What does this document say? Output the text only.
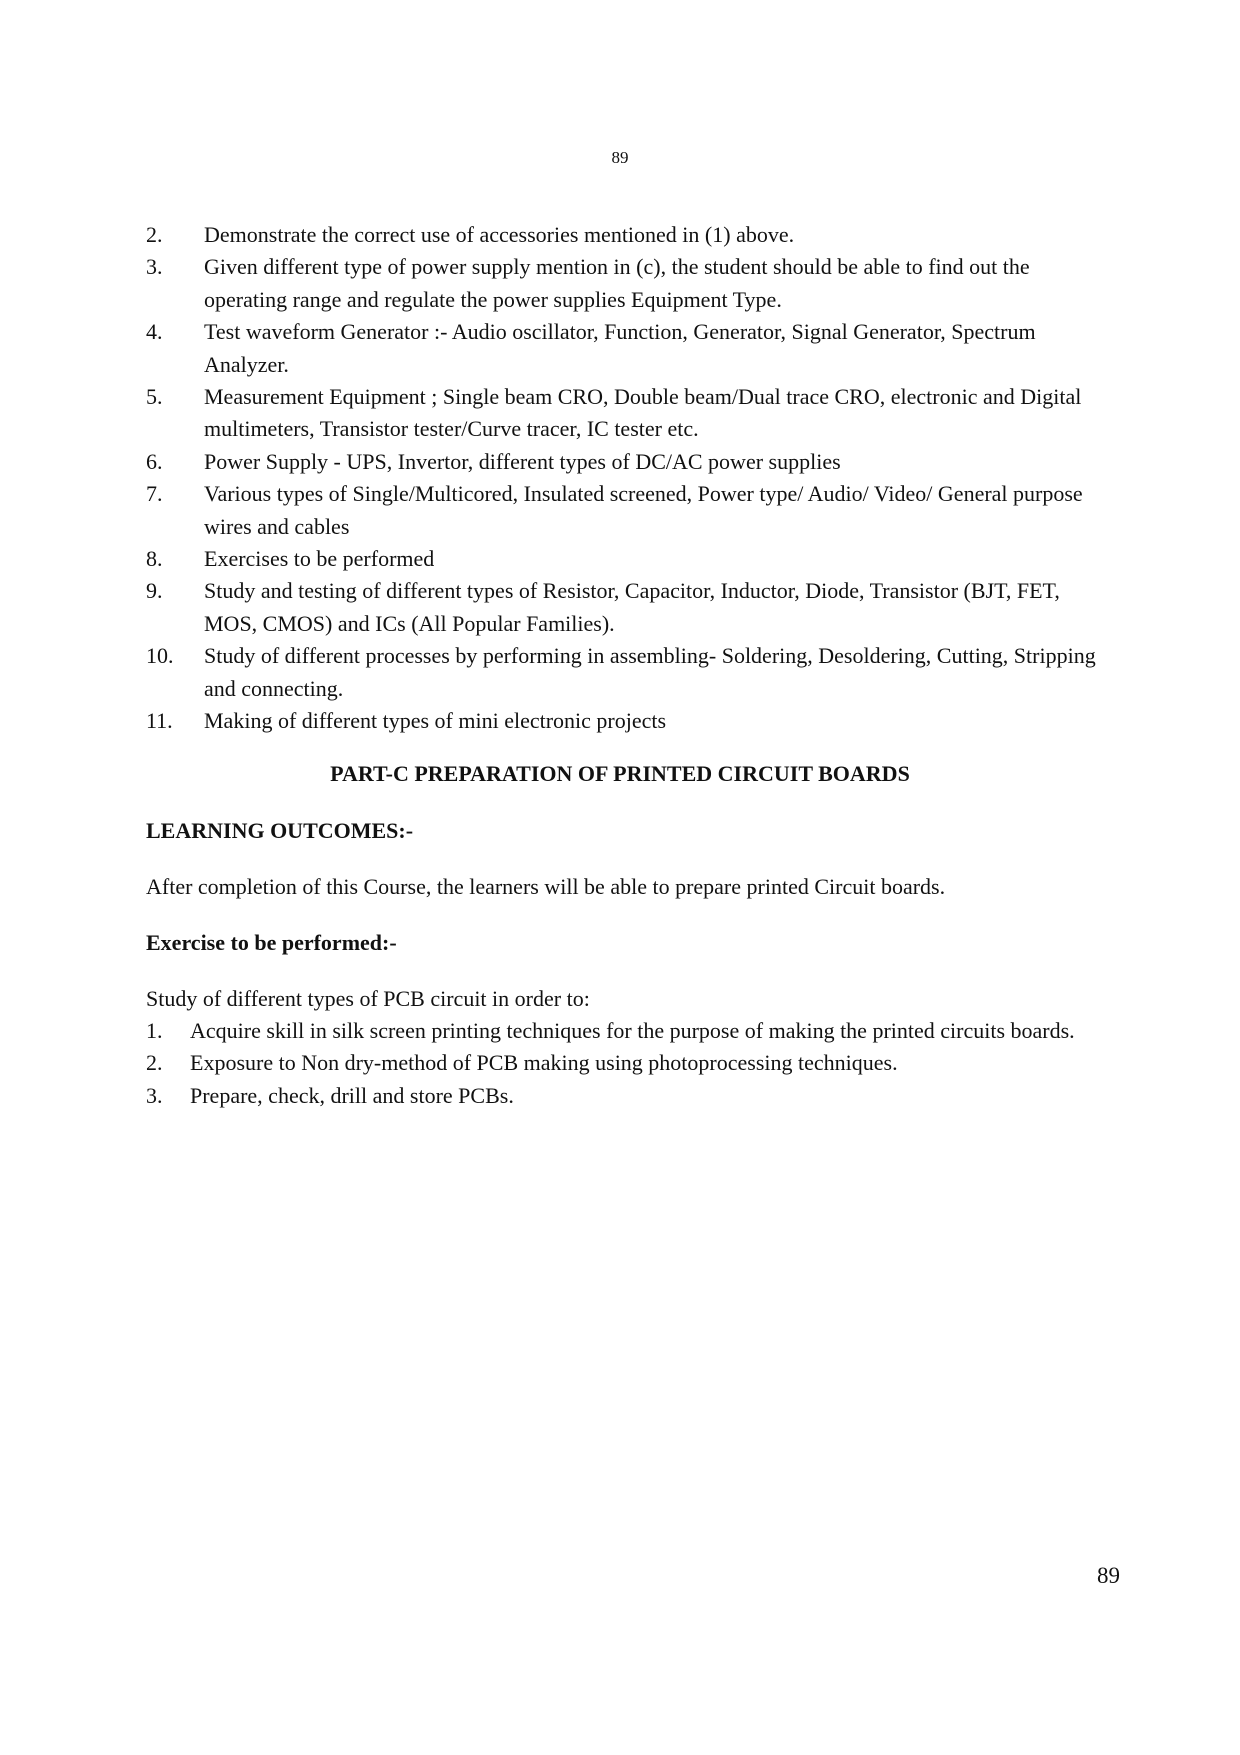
89
2.	Demonstrate the correct use of accessories mentioned in (1) above.
3.	Given different type of power supply mention in (c), the student should be able to find out the operating range and regulate the power supplies Equipment Type.
4.	Test waveform Generator :- Audio oscillator, Function, Generator, Signal Generator, Spectrum Analyzer.
5.	Measurement Equipment ; Single beam CRO, Double beam/Dual trace CRO, electronic and Digital multimeters, Transistor tester/Curve tracer, IC tester etc.
6.	Power Supply - UPS, Invertor, different types of DC/AC power supplies
7.	Various types of Single/Multicored, Insulated screened, Power type/ Audio/ Video/ General purpose wires and cables
8.	Exercises to be performed
9.	Study and testing of different types of Resistor, Capacitor, Inductor, Diode, Transistor (BJT, FET, MOS, CMOS) and ICs (All Popular Families).
10.	Study of different processes by performing in assembling- Soldering, Desoldering, Cutting, Stripping and connecting.
11.	Making of different types of mini electronic projects
PART-C PREPARATION OF PRINTED CIRCUIT BOARDS
LEARNING OUTCOMES:-
After completion of this Course, the learners will be able to prepare printed Circuit boards.
Exercise to be performed:-
Study of different types of PCB circuit in order to:
1.	Acquire skill in silk screen printing techniques for the purpose of making the printed circuits boards.
2.	Exposure to Non dry-method of PCB making using photoprocessing techniques.
3.	Prepare, check, drill and store PCBs.
89
